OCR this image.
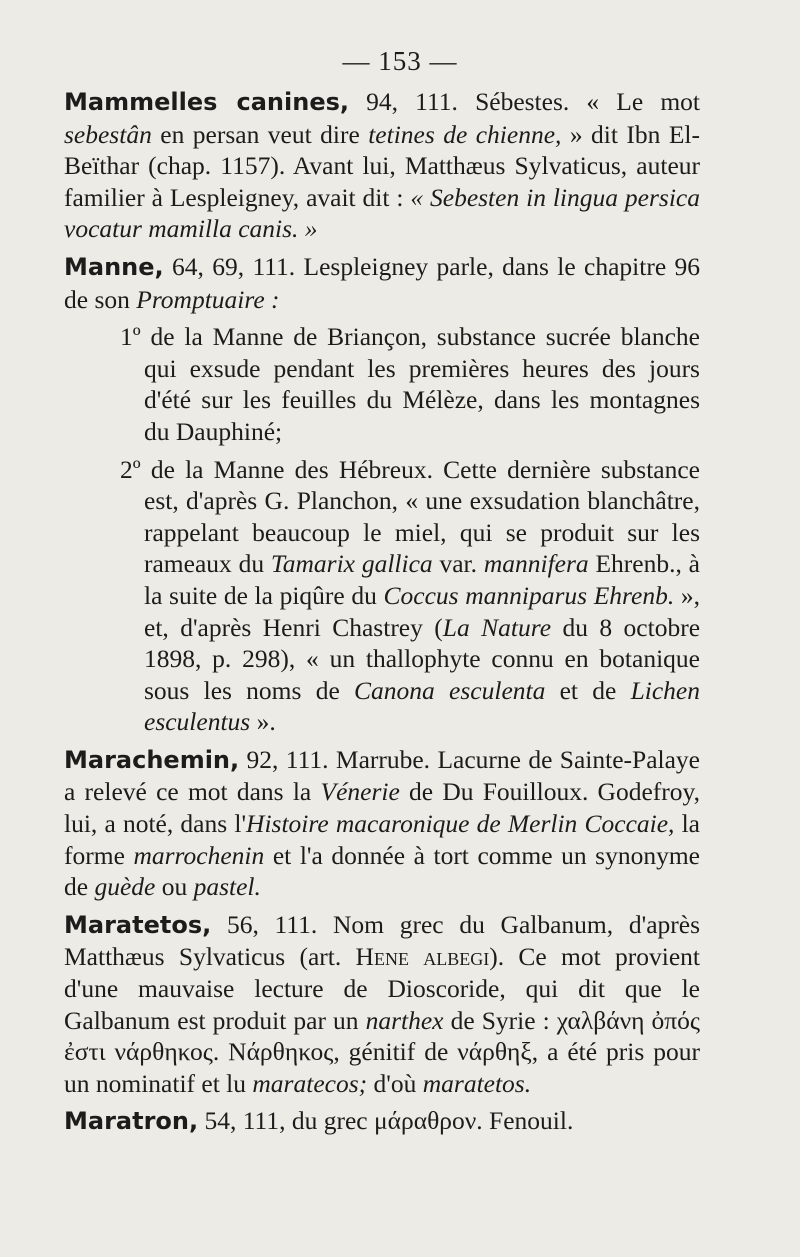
— 153 —

Mammelles canines, 94, 111. Sébestes. « Le mot sebestân en persan veut dire tetines de chienne, » dit Ibn El-Beïthar (chap. 1157). Avant lui, Matthæus Sylvaticus, auteur familier à Lespleigney, avait dit : « Sebesten in lingua persica vocatur mamilla canis. »

Manne, 64, 69, 111. Lespleigney parle, dans le chapitre 96 de son Promptuaire :

1º de la Manne de Briançon, substance sucrée blanche qui exsude pendant les premières heures des jours d'été sur les feuilles du Mélèze, dans les montagnes du Dauphiné;

2º de la Manne des Hébreux. Cette dernière substance est, d'après G. Planchon, « une exsudation blanchâtre, rappelant beaucoup le miel, qui se produit sur les rameaux du Tamarix gallica var. mannifera Ehrenb., à la suite de la piqûre du Coccus manniparus Ehrenb. », et, d'après Henri Chastrey (La Nature du 8 octobre 1898, p. 298), « un thallophyte connu en botanique sous les noms de Canona esculenta et de Lichen esculentus ».

Marachemin, 92, 111. Marrube. Lacurne de Sainte-Palaye a relevé ce mot dans la Vénerie de Du Fouilloux. Godefroy, lui, a noté, dans l'Histoire macaronique de Merlin Coccaie, la forme marrochenin et l'a donnée à tort comme un synonyme de guède ou pastel.

Maratetos, 56, 111. Nom grec du Galbanum, d'après Matthæus Sylvaticus (art. Hene albegi). Ce mot provient d'une mauvaise lecture de Dioscoride, qui dit que le Galbanum est produit par un narthex de Syrie : χαλβάνη ὀπός ἐστι νάρθηκος. Νάρθηκος, génitif de νάρθηξ, a été pris pour un nominatif et lu maratecos; d'où maratetos.

Maratron, 54, 111, du grec μάραθρον. Fenouil.
